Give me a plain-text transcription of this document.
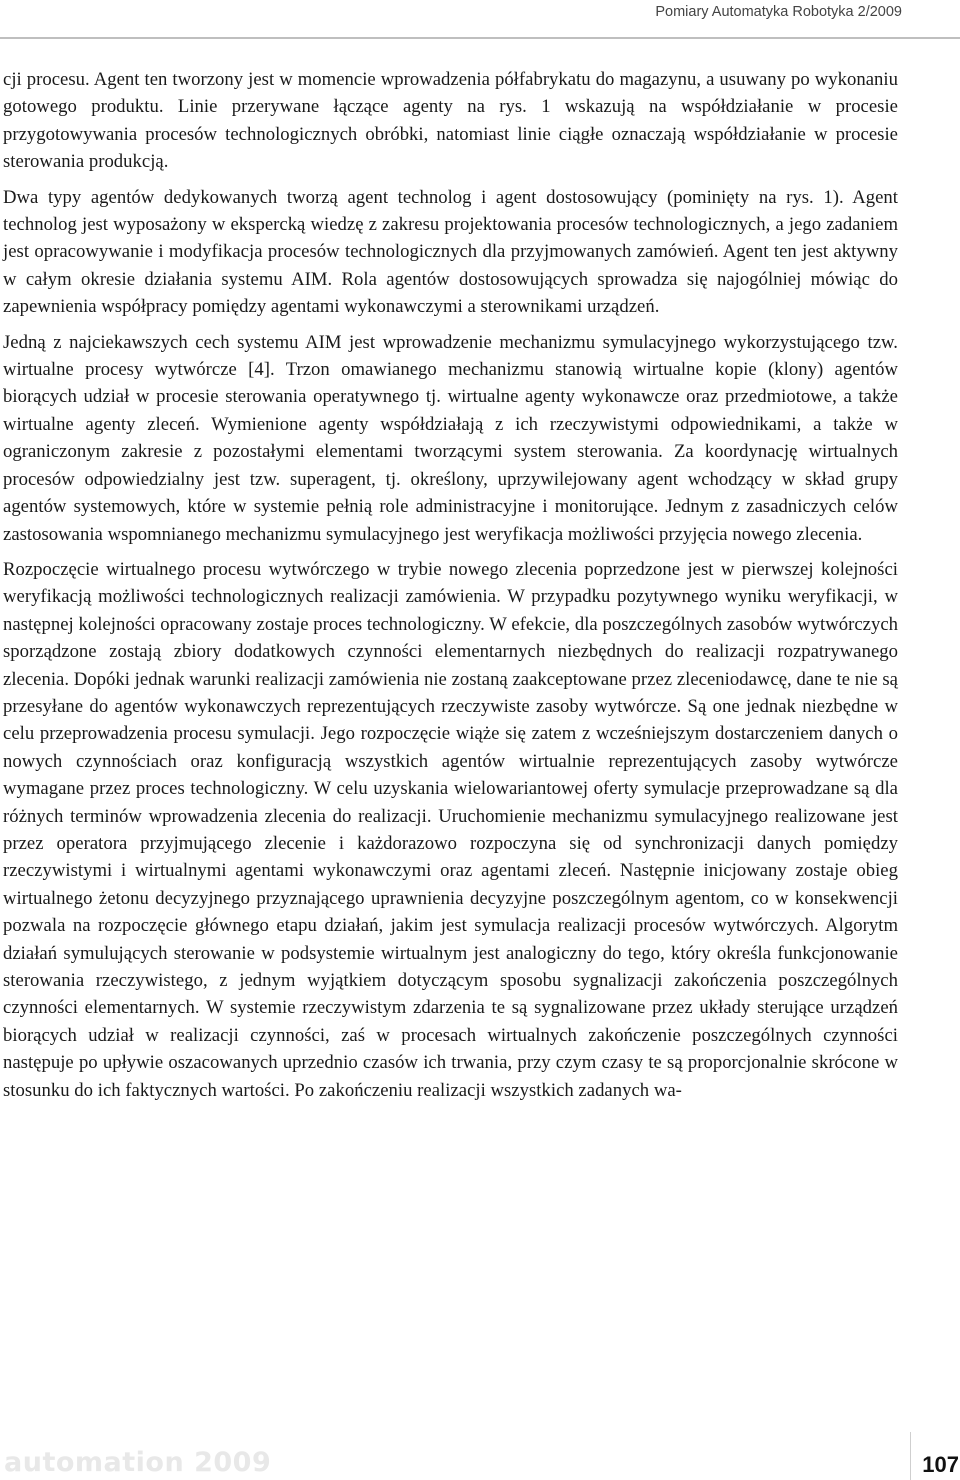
Pomiary Automatyka Robotyka 2/2009

cji procesu. Agent ten tworzony jest w momencie wprowadzenia półfabrykatu do magazynu, a usuwany po wykonaniu gotowego produktu. Linie przerywane łączące agenty na rys. 1 wskazują na współdziałanie w procesie przygotowywania procesów technologicznych obróbki, natomiast linie ciągłe oznaczają współdziałanie w procesie sterowania produkcją.

Dwa typy agentów dedykowanych tworzą agent technolog i agent dostosowujący (pominięty na rys. 1). Agent technolog jest wyposażony w ekspercką wiedzę z zakresu projektowania procesów technologicznych, a jego zadaniem jest opracowywanie i modyfikacja procesów technologicznych dla przyjmowanych zamówień. Agent ten jest aktywny w całym okresie działania systemu AIM. Rola agentów dostosowujących sprowadza się najogólniej mówiąc do zapewnienia współpracy pomiędzy agentami wykonawczymi a sterownikami urządzeń.

Jedną z najciekawszych cech systemu AIM jest wprowadzenie mechanizmu symulacyjnego wykorzystującego tzw. wirtualne procesy wytwórcze [4]. Trzon omawianego mechanizmu stanowią wirtualne kopie (klony) agentów biorących udział w procesie sterowania operatywnego tj. wirtualne agenty wykonawcze oraz przedmiotowe, a także wirtualne agenty zleceń. Wymienione agenty współdziałają z ich rzeczywistymi odpowiednikami, a także w ograniczonym zakresie z pozostałymi elementami tworzącymi system sterowania. Za koordynację wirtualnych procesów odpowiedzialny jest tzw. superagent, tj. określony, uprzywilejowany agent wchodzący w skład grupy agentów systemowych, które w systemie pełnią role administracyjne i monitorujące. Jednym z zasadniczych celów zastosowania wspomnianego mechanizmu symulacyjnego jest weryfikacja możliwości przyjęcia nowego zlecenia.

Rozpoczęcie wirtualnego procesu wytwórczego w trybie nowego zlecenia poprzedzone jest w pierwszej kolejności weryfikacją możliwości technologicznych realizacji zamówienia. W przypadku pozytywnego wyniku weryfikacji, w następnej kolejności opracowany zostaje proces technologiczny. W efekcie, dla poszczególnych zasobów wytwórczych sporządzone zostają zbiory dodatkowych czynności elementarnych niezbędnych do realizacji rozpatrywanego zlecenia. Dopóki jednak warunki realizacji zamówienia nie zostaną zaakceptowane przez zleceniodawcę, dane te nie są przesyłane do agentów wykonawczych reprezentujących rzeczywiste zasoby wytwórcze. Są one jednak niezbędne w celu przeprowadzenia procesu symulacji. Jego rozpoczęcie wiąże się zatem z wcześniejszym dostarczeniem danych o nowych czynnościach oraz konfiguracją wszystkich agentów wirtualnie reprezentujących zasoby wytwórcze wymagane przez proces technologiczny. W celu uzyskania wielowariantowej oferty symulacje przeprowadzane są dla różnych terminów wprowadzenia zlecenia do realizacji. Uruchomienie mechanizmu symulacyjnego realizowane jest przez operatora przyjmującego zlecenie i każdorazowo rozpoczyna się od synchronizacji danych pomiędzy rzeczywistymi i wirtualnymi agentami wykonawczymi oraz agentami zleceń. Następnie inicjowany zostaje obieg wirtualnego żetonu decyzyjnego przyznającego uprawnienia decyzyjne poszczególnym agentom, co w konsekwencji pozwala na rozpoczęcie głównego etapu działań, jakim jest symulacja realizacji procesów wytwórczych. Algorytm działań symulujących sterowanie w podsystemie wirtualnym jest analogiczny do tego, który określa funkcjonowanie sterowania rzeczywistego, z jednym wyjątkiem dotyczącym sposobu sygnalizacji zakończenia poszczególnych czynności elementarnych. W systemie rzeczywistym zdarzenia te są sygnalizowane przez układy sterujące urządzeń biorących udział w realizacji czynności, zaś w procesach wirtualnych zakończenie poszczególnych czynności następuje po upływie oszacowanych uprzednio czasów ich trwania, przy czym czasy te są proporcjonalnie skrócone w stosunku do ich faktycznych wartości. Po zakończeniu realizacji wszystkich zadanych wa-

automation 2009	107
